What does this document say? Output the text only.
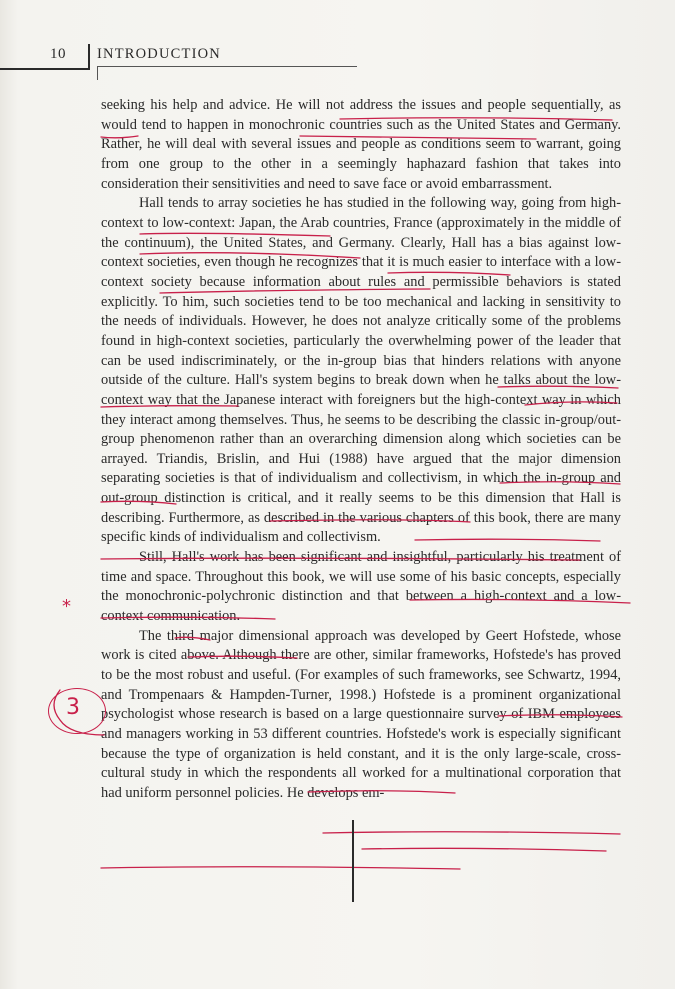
10 INTRODUCTION

seeking his help and advice. He will not address the issues and people sequentially, as would tend to happen in monochronic countries such as the United States and Germany. Rather, he will deal with several issues and people as conditions seem to warrant, going from one group to the other in a seemingly haphazard fashion that takes into consideration their sensitivities and need to save face or avoid embarrassment.

Hall tends to array societies he has studied in the following way, going from high-context to low-context: Japan, the Arab countries, France (approximately in the middle of the continuum), the United States, and Germany. Clearly, Hall has a bias against low-context societies, even though he recognizes that it is much easier to interface with a low-context society because information about rules and permissible behaviors is stated explicitly. To him, such societies tend to be too mechanical and lacking in sensitivity to the needs of individuals. However, he does not analyze critically some of the problems found in high-context societies, particularly the overwhelming power of the leader that can be used indiscriminately, or the in-group bias that hinders relations with anyone outside of the culture. Hall's system begins to break down when he talks about the low-context way that the Japanese interact with foreigners but the high-context way in which they interact among themselves. Thus, he seems to be describing the classic in-group/out-group phenomenon rather than an overarching dimension along which societies can be arrayed. Triandis, Brislin, and Hui (1988) have argued that the major dimension separating societies is that of individualism and collectivism, in which the in-group and out-group distinction is critical, and it really seems to be this dimension that Hall is describing. Furthermore, as described in the various chapters of this book, there are many specific kinds of individualism and collectivism.

Still, Hall's work has been significant and insightful, particularly his treatment of time and space. Throughout this book, we will use some of his basic concepts, especially the monochronic-polychronic distinction and that between a high-context and a low-context communication.

The third major dimensional approach was developed by Geert Hofstede, whose work is cited above. Although there are other, similar frameworks, Hofstede's has proved to be the most robust and useful. (For examples of such frameworks, see Schwartz, 1994, and Trompenaars & Hampden-Turner, 1998.) Hofstede is a prominent organizational psychologist whose research is based on a large questionnaire survey of IBM employees and managers working in 53 different countries. Hofstede's work is especially significant because the type of organization is held constant, and it is the only large-scale, cross-cultural study in which the respondents all worked for a multinational corporation that had uniform personnel policies. He develops em-

*
3
